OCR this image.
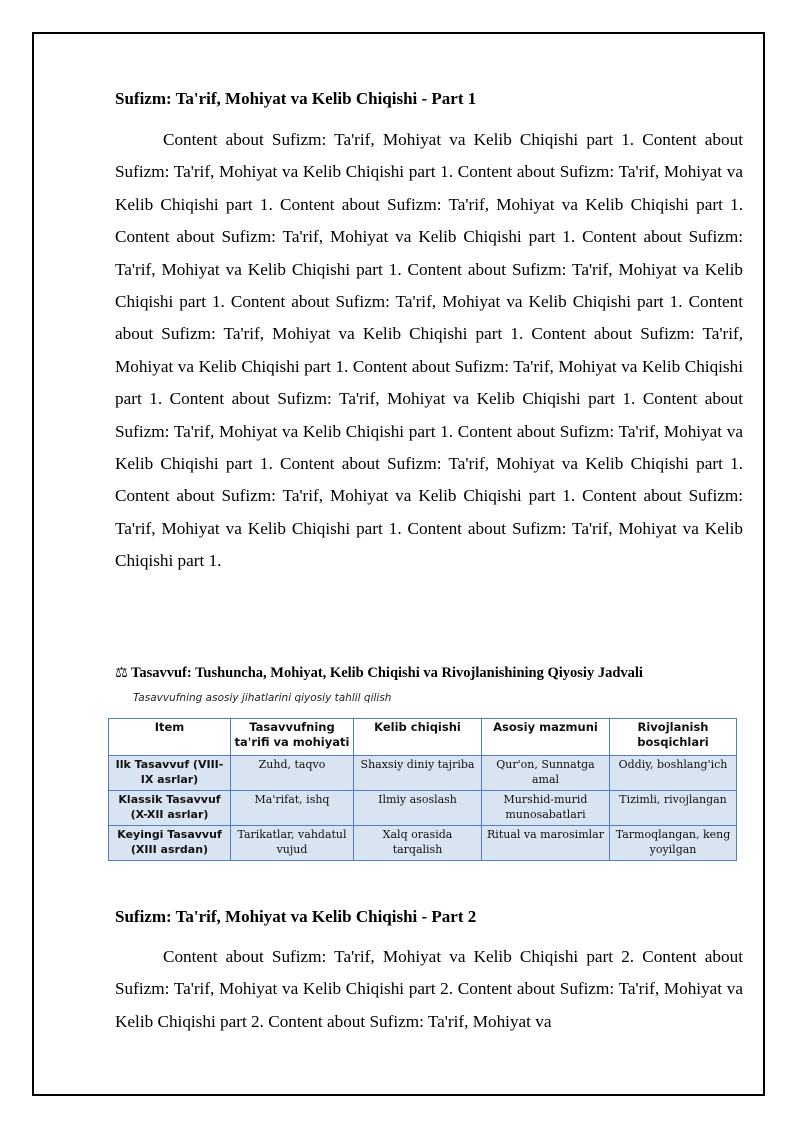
Sufizm: Ta'rif, Mohiyat va Kelib Chiqishi - Part 1

Content about Sufizm: Ta'rif, Mohiyat va Kelib Chiqishi part 1. Content about Sufizm: Ta'rif, Mohiyat va Kelib Chiqishi part 1. Content about Sufizm: Ta'rif, Mohiyat va Kelib Chiqishi part 1. Content about Sufizm: Ta'rif, Mohiyat va Kelib Chiqishi part 1. Content about Sufizm: Ta'rif, Mohiyat va Kelib Chiqishi part 1. Content about Sufizm: Ta'rif, Mohiyat va Kelib Chiqishi part 1. Content about Sufizm: Ta'rif, Mohiyat va Kelib Chiqishi part 1. Content about Sufizm: Ta'rif, Mohiyat va Kelib Chiqishi part 1. Content about Sufizm: Ta'rif, Mohiyat va Kelib Chiqishi part 1. Content about Sufizm: Ta'rif, Mohiyat va Kelib Chiqishi part 1. Content about Sufizm: Ta'rif, Mohiyat va Kelib Chiqishi part 1. Content about Sufizm: Ta'rif, Mohiyat va Kelib Chiqishi part 1. Content about Sufizm: Ta'rif, Mohiyat va Kelib Chiqishi part 1. Content about Sufizm: Ta'rif, Mohiyat va Kelib Chiqishi part 1. Content about Sufizm: Ta'rif, Mohiyat va Kelib Chiqishi part 1. Content about Sufizm: Ta'rif, Mohiyat va Kelib Chiqishi part 1. Content about Sufizm: Ta'rif, Mohiyat va Kelib Chiqishi part 1. Content about Sufizm: Ta'rif, Mohiyat va Kelib Chiqishi part 1.

⚖ Tasavvuf: Tushuncha, Mohiyat, Kelib Chiqishi va Rivojlanishining Qiyosiy Jadvali
Tasavvufning asosiy jihatlarini qiyosiy tahlil qilish
Item	Tasavvufning ta'rifi va mohiyati	Kelib chiqishi	Asosiy mazmuni	Rivojlanish bosqichlari
Ilk Tasavvuf (VIII-IX asrlar)	Zuhd, taqvo	Shaxsiy diniy tajriba	Qur'on, Sunnatga amal	Oddiy, boshlang'ich
Klassik Tasavvuf (X-XII asrlar)	Ma'rifat, ishq	Ilmiy asoslash	Murshid-murid munosabatlari	Tizimli, rivojlangan
Keyingi Tasavvuf (XIII asrdan)	Tarikatlar, vahdatul vujud	Xalq orasida tarqalish	Ritual va marosimlar	Tarmoqlangan, keng yoyilgan
Sufizm: Ta'rif, Mohiyat va Kelib Chiqishi - Part 2

Content about Sufizm: Ta'rif, Mohiyat va Kelib Chiqishi part 2. Content about Sufizm: Ta'rif, Mohiyat va Kelib Chiqishi part 2. Content about Sufizm: Ta'rif, Mohiyat va Kelib Chiqishi part 2. Content about Sufizm: Ta'rif, Mohiyat va
